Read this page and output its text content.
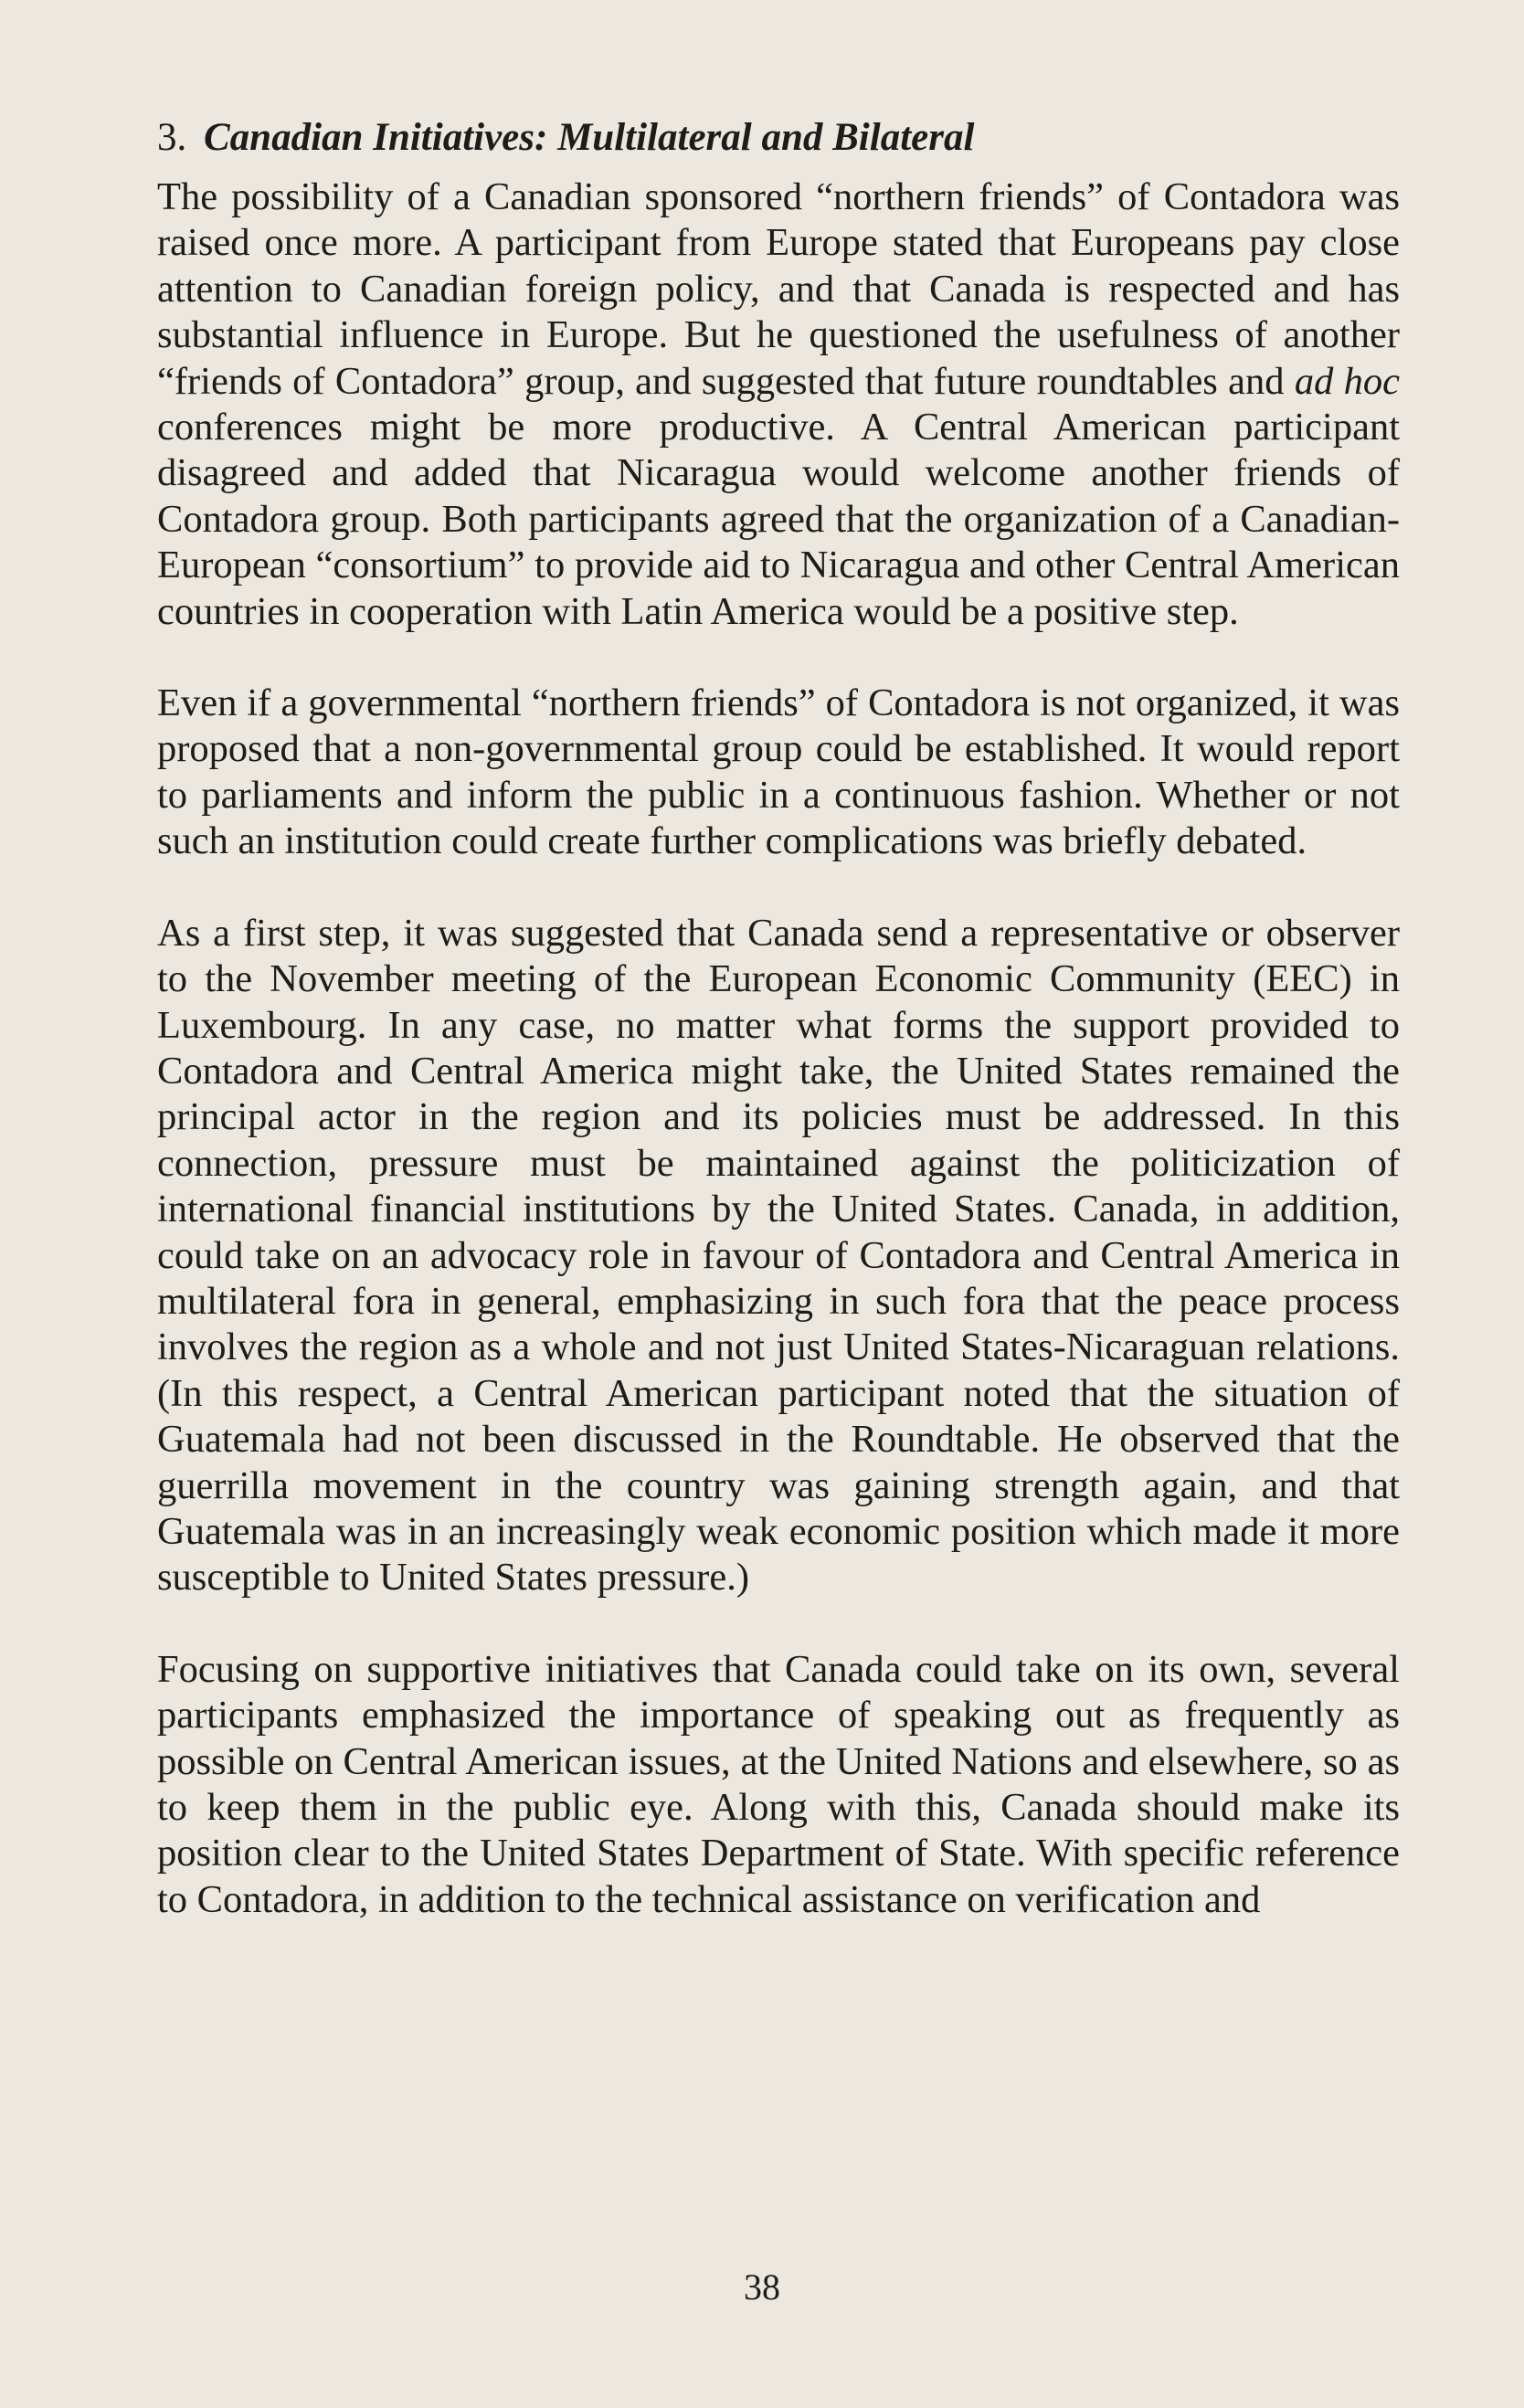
3. Canadian Initiatives: Multilateral and Bilateral

The possibility of a Canadian sponsored “northern friends” of Contadora was raised once more. A participant from Europe stated that Europeans pay close attention to Canadian foreign policy, and that Canada is respected and has substantial influence in Europe. But he questioned the usefulness of another “friends of Contadora” group, and suggested that future roundtables and ad hoc conferences might be more productive. A Central American participant disagreed and added that Nicaragua would welcome another friends of Contadora group. Both participants agreed that the organization of a Canadian-European “consortium” to provide aid to Nicaragua and other Central American countries in cooperation with Latin America would be a positive step.

Even if a governmental “northern friends” of Contadora is not organized, it was proposed that a non-governmental group could be established. It would report to parliaments and inform the public in a continuous fashion. Whether or not such an institution could create further complications was briefly debated.

As a first step, it was suggested that Canada send a representative or observer to the November meeting of the European Economic Community (EEC) in Luxembourg. In any case, no matter what forms the support provided to Contadora and Central America might take, the United States remained the principal actor in the region and its policies must be addressed. In this connection, pressure must be maintained against the politicization of international financial institutions by the United States. Canada, in addition, could take on an advocacy role in favour of Contadora and Central America in multilateral fora in general, emphasizing in such fora that the peace process involves the region as a whole and not just United States-Nicaraguan relations. (In this respect, a Central American participant noted that the situation of Guatemala had not been discussed in the Roundtable. He observed that the guerrilla movement in the country was gaining strength again, and that Guatemala was in an increasingly weak economic position which made it more susceptible to United States pressure.)

Focusing on supportive initiatives that Canada could take on its own, several participants emphasized the importance of speaking out as frequently as possible on Central American issues, at the United Nations and elsewhere, so as to keep them in the public eye. Along with this, Canada should make its position clear to the United States Department of State. With specific reference to Contadora, in addition to the technical assistance on verification and

38
